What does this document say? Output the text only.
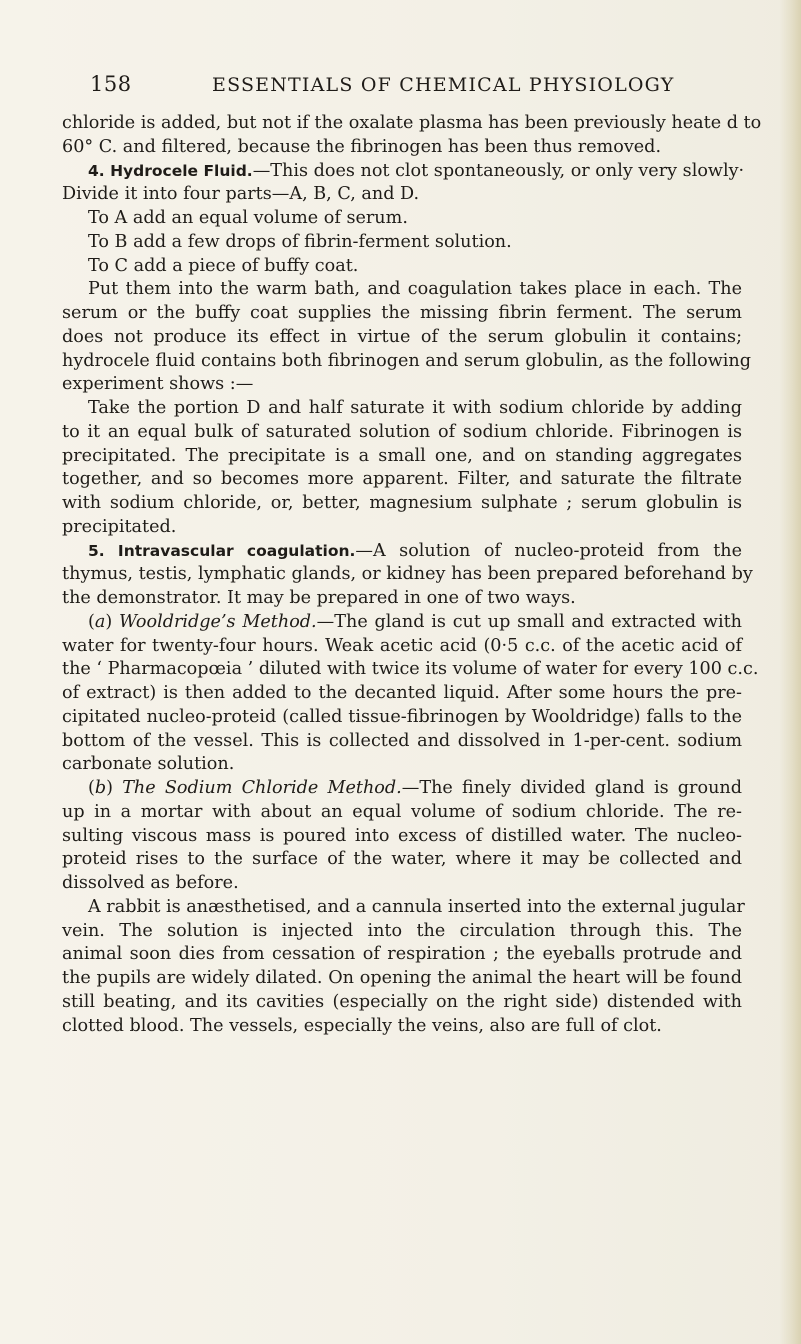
158	ESSENTIALS OF CHEMICAL PHYSIOLOGY
chloride is added, but not if the oxalate plasma has been previously heate d to
60° C. and filtered, because the fibrinogen has been thus removed.
4. Hydrocele Fluid.—This does not clot spontaneously, or only very slowly·
Divide it into four parts—A, B, C, and D.
To A add an equal volume of serum.
To B add a few drops of fibrin-ferment solution.
To C add a piece of buffy coat.
Put them into the warm bath, and coagulation takes place in each. The
serum or the buffy coat supplies the missing fibrin ferment. The serum
does not produce its effect in virtue of the serum globulin it contains;
hydrocele fluid contains both fibrinogen and serum globulin, as the following
experiment shows :—
Take the portion D and half saturate it with sodium chloride by adding
to it an equal bulk of saturated solution of sodium chloride. Fibrinogen is
precipitated. The precipitate is a small one, and on standing aggregates
together, and so becomes more apparent. Filter, and saturate the filtrate
with sodium chloride, or, better, magnesium sulphate ; serum globulin is
precipitated.
5. Intravascular coagulation.—A solution of nucleo-proteid from the
thymus, testis, lymphatic glands, or kidney has been prepared beforehand by
the demonstrator. It may be prepared in one of two ways.
(a) Wooldridge’s Method.—The gland is cut up small and extracted with
water for twenty-four hours. Weak acetic acid (0·5 c.c. of the acetic acid of
the ‘ Pharmacopœia ’ diluted with twice its volume of water for every 100 c.c.
of extract) is then added to the decanted liquid. After some hours the pre-
cipitated nucleo-proteid (called tissue-fibrinogen by Wooldridge) falls to the
bottom of the vessel. This is collected and dissolved in 1-per-cent. sodium
carbonate solution.
(b) The Sodium Chloride Method.—The finely divided gland is ground
up in a mortar with about an equal volume of sodium chloride. The re-
sulting viscous mass is poured into excess of distilled water. The nucleo-
proteid rises to the surface of the water, where it may be collected and
dissolved as before.
A rabbit is anæsthetised, and a cannula inserted into the external jugular
vein. The solution is injected into the circulation through this. The
animal soon dies from cessation of respiration ; the eyeballs protrude and
the pupils are widely dilated. On opening the animal the heart will be found
still beating, and its cavities (especially on the right side) distended with
clotted blood. The vessels, especially the veins, also are full of clot.
